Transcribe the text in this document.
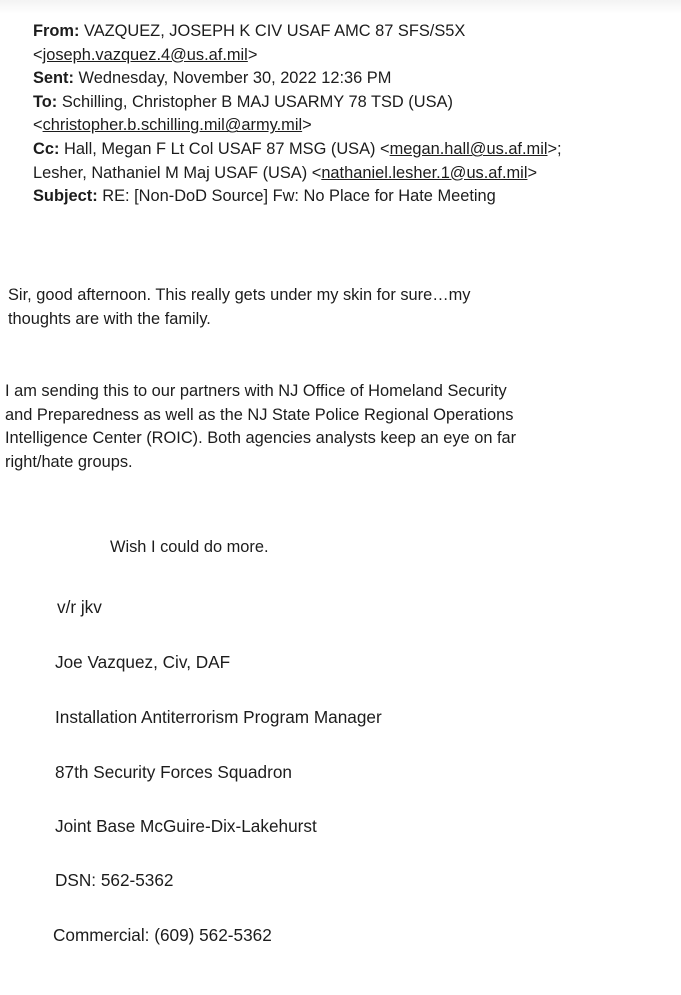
From: VAZQUEZ, JOSEPH K CIV USAF AMC 87 SFS/S5X
<joseph.vazquez.4@us.af.mil>
Sent: Wednesday, November 30, 2022 12:36 PM
To: Schilling, Christopher B MAJ USARMY 78 TSD (USA)
<christopher.b.schilling.mil@army.mil>
Cc: Hall, Megan F Lt Col USAF 87 MSG (USA) <megan.hall@us.af.mil>;
Lesher, Nathaniel M Maj USAF (USA) <nathaniel.lesher.1@us.af.mil>
Subject: RE: [Non-DoD Source] Fw: No Place for Hate Meeting
Sir, good afternoon. This really gets under my skin for sure…my
thoughts are with the family.
I am sending this to our partners with NJ Office of Homeland Security
and Preparedness as well as the NJ State Police Regional Operations
Intelligence Center (ROIC). Both agencies analysts keep an eye on far
right/hate groups.
Wish I could do more.
v/r jkv
Joe Vazquez, Civ, DAF
Installation Antiterrorism Program Manager
87th Security Forces Squadron
Joint Base McGuire-Dix-Lakehurst
DSN: 562-5362
Commercial: (609) 562-5362
